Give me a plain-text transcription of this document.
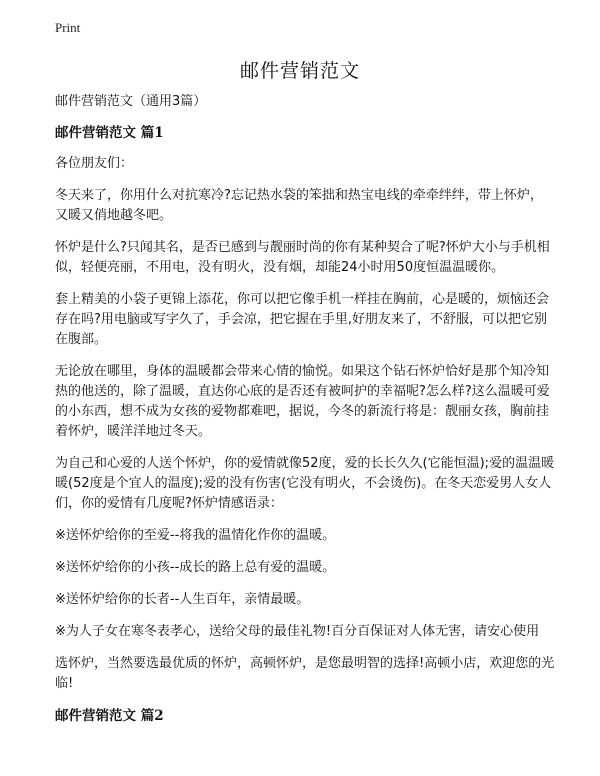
Print
邮件营销范文

邮件营销范文（通用3篇）

邮件营销范文 篇1

各位朋友们：

冬天来了，你用什么对抗寒冷?忘记热水袋的笨拙和热宝电线的牵牵绊绊，带上怀炉，又暖又俏地越冬吧。

怀炉是什么?只闻其名，是否已感到与靓丽时尚的你有某种契合了呢?怀炉大小与手机相似，轻便亮丽，不用电，没有明火，没有烟，却能24小时用50度恒温温暖你。

套上精美的小袋子更锦上添花，你可以把它像手机一样挂在胸前，心是暖的，烦恼还会存在吗?用电脑或写字久了，手会凉，把它握在手里,好朋友来了，不舒服，可以把它别在腹部。

无论放在哪里，身体的温暖都会带来心情的愉悦。如果这个钻石怀炉恰好是那个知冷知热的他送的，除了温暖，直达你心底的是否还有被呵护的幸福呢?怎么样?这么温暖可爱的小东西，想不成为女孩的爱物都难吧，据说，今冬的新流行将是：靓丽女孩，胸前挂着怀炉，暖洋洋地过冬天。

为自己和心爱的人送个怀炉，你的爱情就像52度，爱的长长久久(它能恒温);爱的温温暖暖(52度是个宜人的温度);爱的没有伤害(它没有明火，不会烫伤)。在冬天恋爱男人女人们，你的爱情有几度呢?怀炉情感语录：

※送怀炉给你的至爱--将我的温情化作你的温暖。

※送怀炉给你的小孩--成长的路上总有爱的温暖。

※送怀炉给你的长者--人生百年，亲情最暖。

※为人子女在寒冬表孝心，送给父母的最佳礼物!百分百保证对人体无害，请安心使用

选怀炉，当然要选最优质的怀炉，高顿怀炉，是您最明智的选择!高顿小店，欢迎您的光临!

邮件营销范文 篇2
